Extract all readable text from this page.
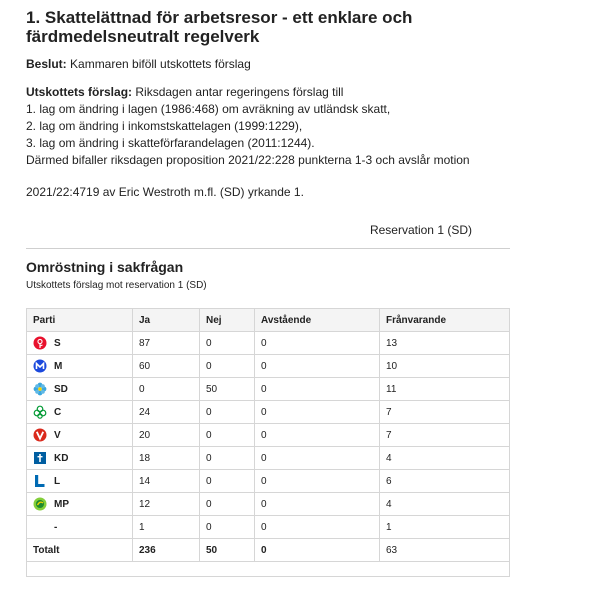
1. Skattelättnad för arbetsresor - ett enklare och färdmedelsneutralt regelverk

Beslut: Kammaren biföll utskottets förslag

Utskottets förslag: Riksdagen antar regeringens förslag till
1. lag om ändring i lagen (1986:468) om avräkning av utländsk skatt,
2. lag om ändring i inkomstskattelagen (1999:1229),
3. lag om ändring i skatteförfarandelagen (2011:1244).
Därmed bifaller riksdagen proposition 2021/22:228 punkterna 1-3 och avslår motion

2021/22:4719 av Eric Westroth m.fl. (SD) yrkande 1.

Reservation 1 (SD)

Omröstning i sakfrågan

Utskottets förslag mot reservation 1 (SD)

Parti	Ja	Nej	Avstående	Frånvarande

S	87	0	0	13

M	60	0	0	10

SD	0	50	0	11

C	24	0	0	7

V	20	0	0	7

KD	18	0	0	4

L	14	0	0	6

MP	12	0	0	4

-	1	0	0	1
Totalt	236	50	0	63
